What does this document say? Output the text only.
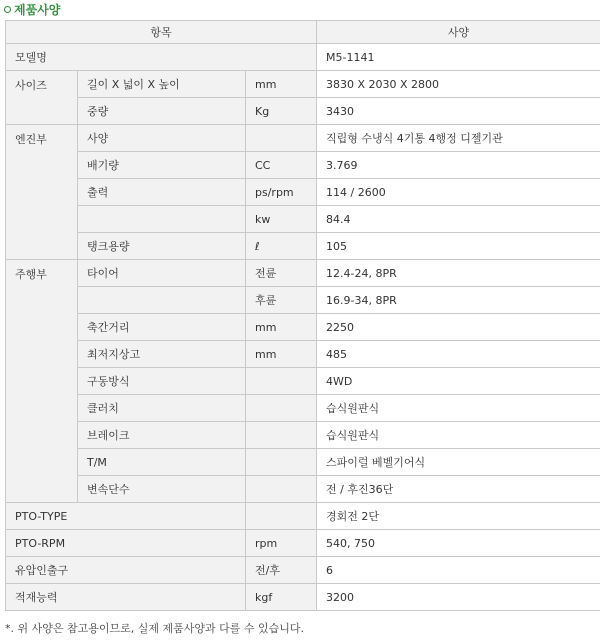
제품사양
항목			사양
모델명			M5-1141
사이즈	길이 X 넓이 X 높이	mm	3830 X 2030 X 2800
	중량	Kg	3430
엔진부	사양		직립형 수냉식 4기통 4행정 디젤기관
	배기량	CC	3.769
	출력	ps/rpm	114 / 2600
		kw	84.4
	탱크용량	ℓ	105
주행부	타이어	전륜	12.4-24, 8PR
		후륜	16.9-34, 8PR
	축간거리	mm	2250
	최저지상고	mm	485
	구동방식		4WD
	클러치		습식원판식
	브레이크		습식원판식
	T/M		스파이럴 베벨기어식
	변속단수		전 / 후진36단
PTO-TYPE			경회전 2단
PTO-RPM		rpm	540, 750
유압인출구		전/후	6
적재능력		kgf	3200
*. 위 사양은 참고용이므로, 실제 제품사양과 다를 수 있습니다.
